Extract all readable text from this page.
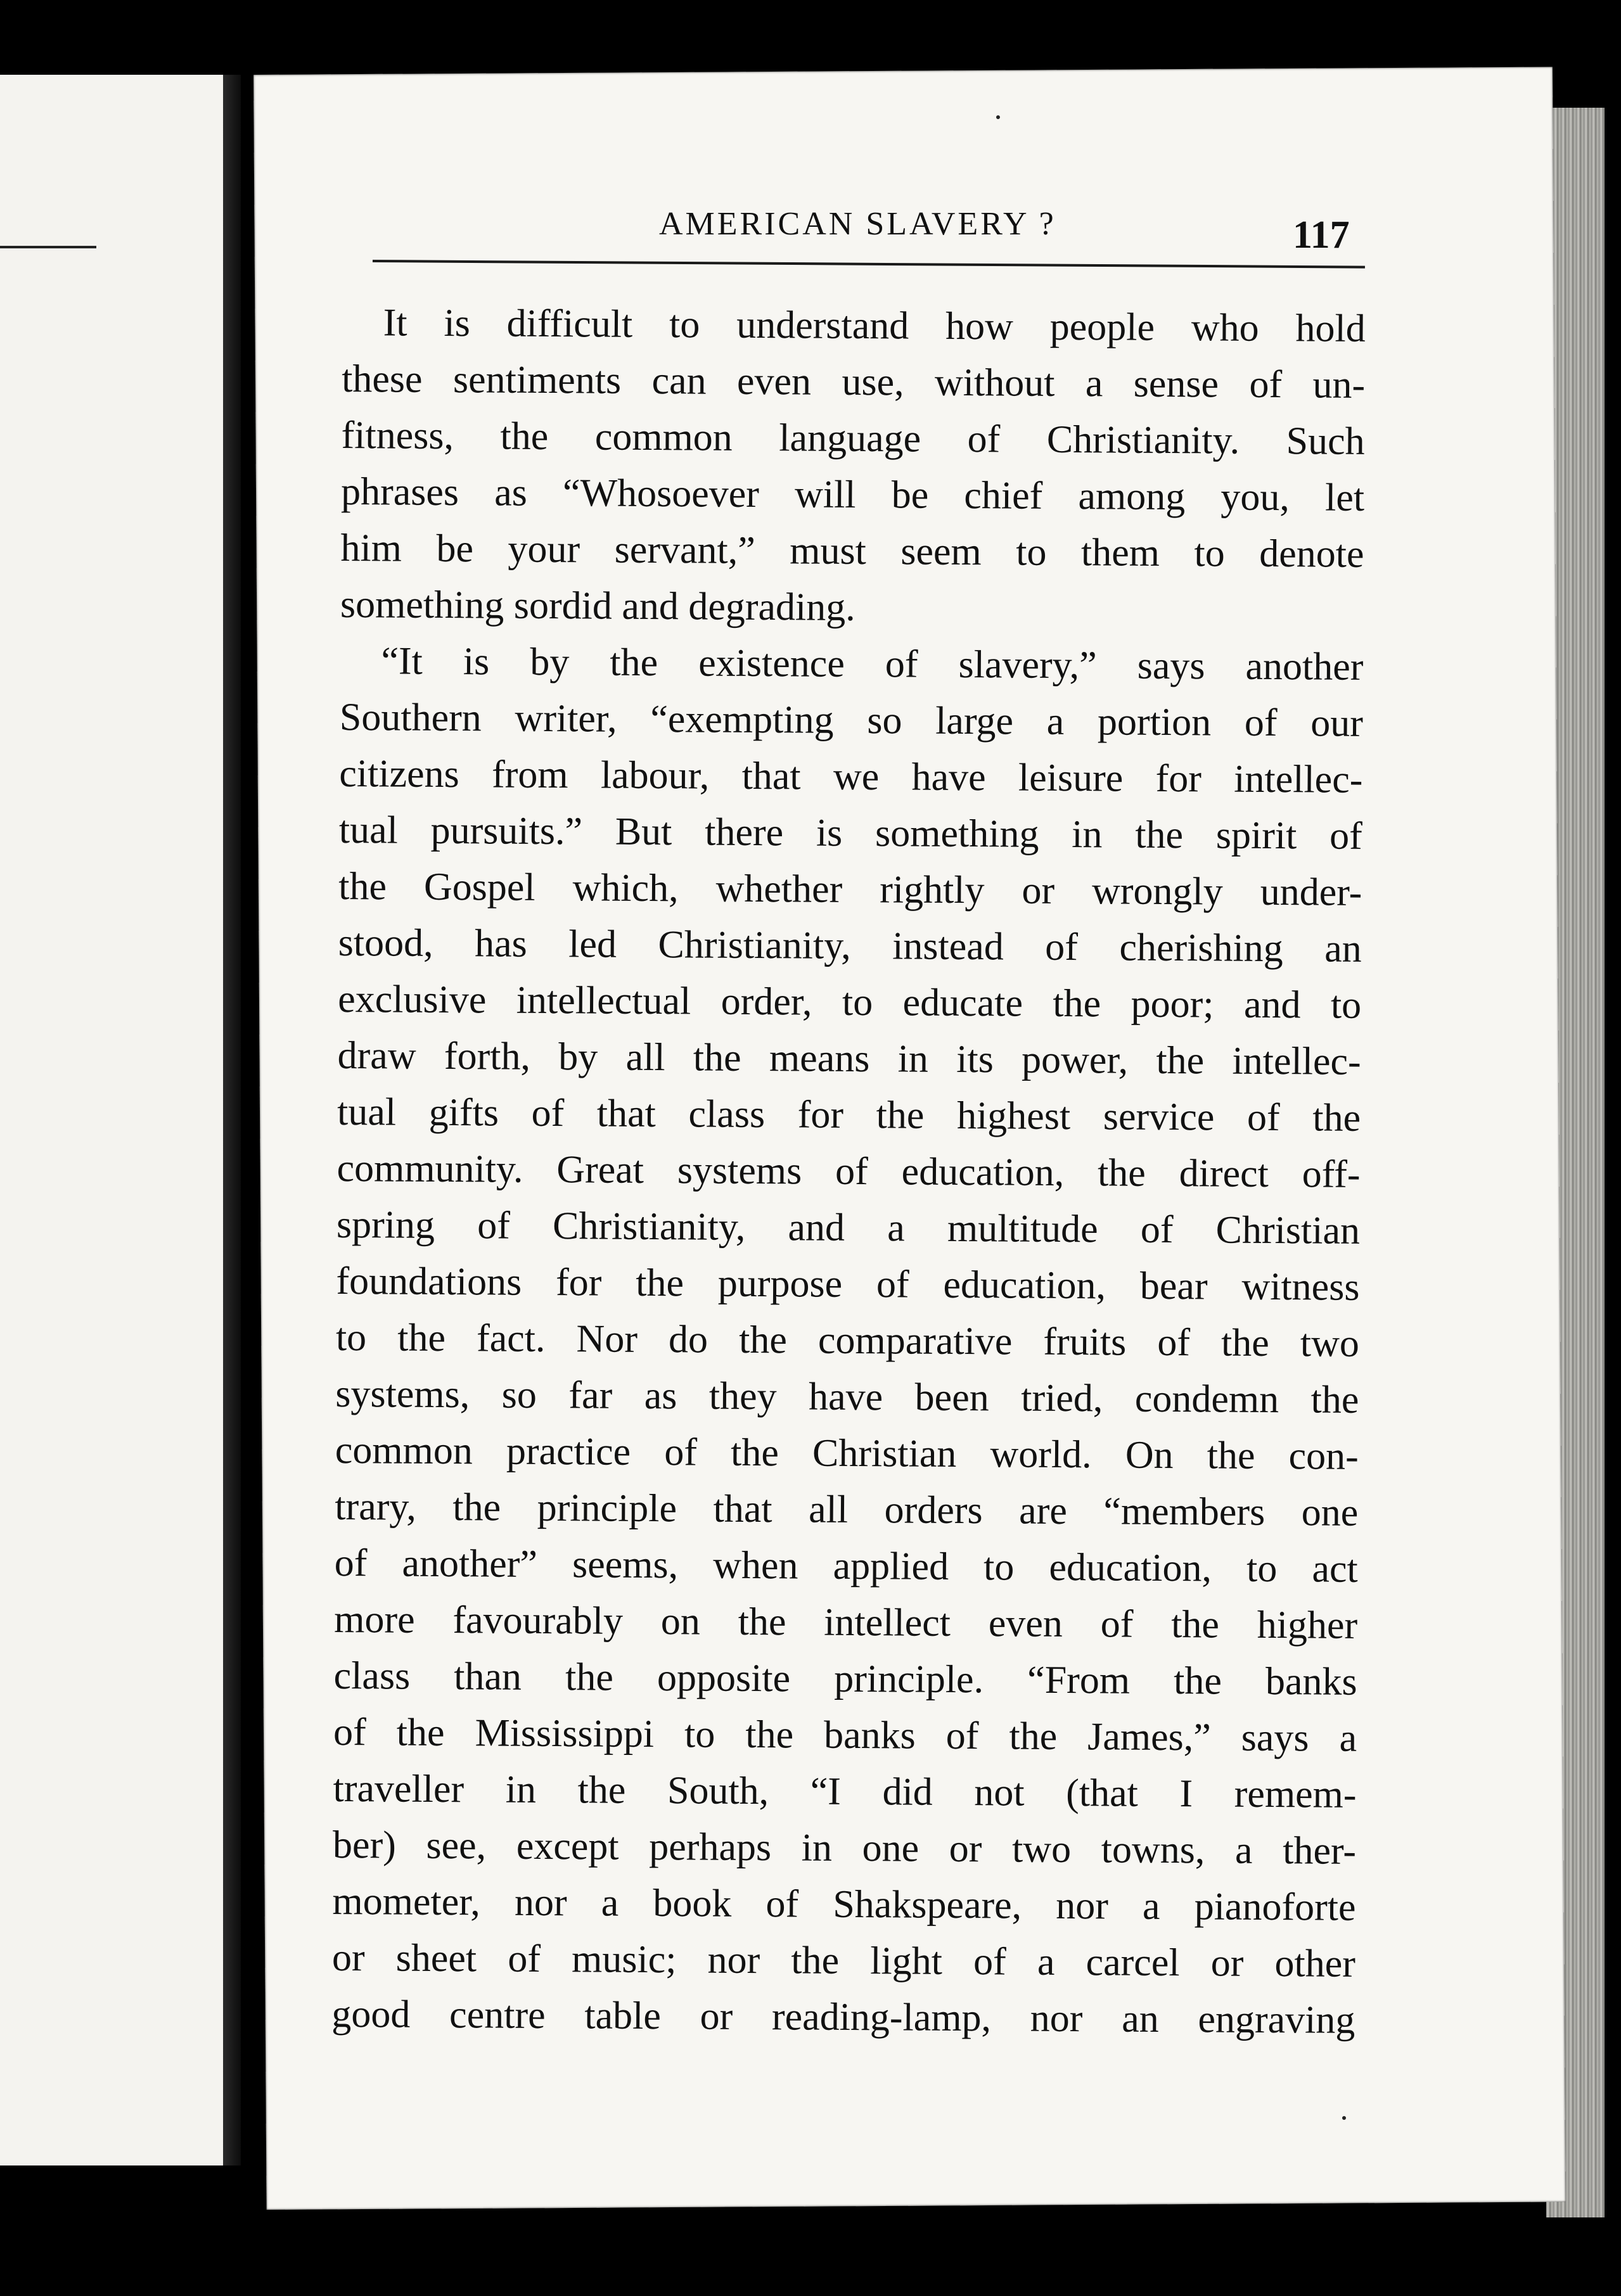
AMERICAN SLAVERY ?	117
It is difficult to understand how people who hold
these sentiments can even use, without a sense of un-
fitness, the common language of Christianity. Such
phrases as “Whosoever will be chief among you, let
him be your servant,” must seem to them to denote
something sordid and degrading.
“It is by the existence of slavery,” says another
Southern writer, “exempting so large a portion of our
citizens from labour, that we have leisure for intellec-
tual pursuits.” But there is something in the spirit of
the Gospel which, whether rightly or wrongly under-
stood, has led Christianity, instead of cherishing an
exclusive intellectual order, to educate the poor; and to
draw forth, by all the means in its power, the intellec-
tual gifts of that class for the highest service of the
community. Great systems of education, the direct off-
spring of Christianity, and a multitude of Christian
foundations for the purpose of education, bear witness
to the fact. Nor do the comparative fruits of the two
systems, so far as they have been tried, condemn the
common practice of the Christian world. On the con-
trary, the principle that all orders are “members one
of another” seems, when applied to education, to act
more favourably on the intellect even of the higher
class than the opposite principle. “From the banks
of the Mississippi to the banks of the James,” says a
traveller in the South, “I did not (that I remem-
ber) see, except perhaps in one or two towns, a ther-
mometer, nor a book of Shakspeare, nor a pianoforte
or sheet of music; nor the light of a carcel or other
good centre table or reading-lamp, nor an engraving
